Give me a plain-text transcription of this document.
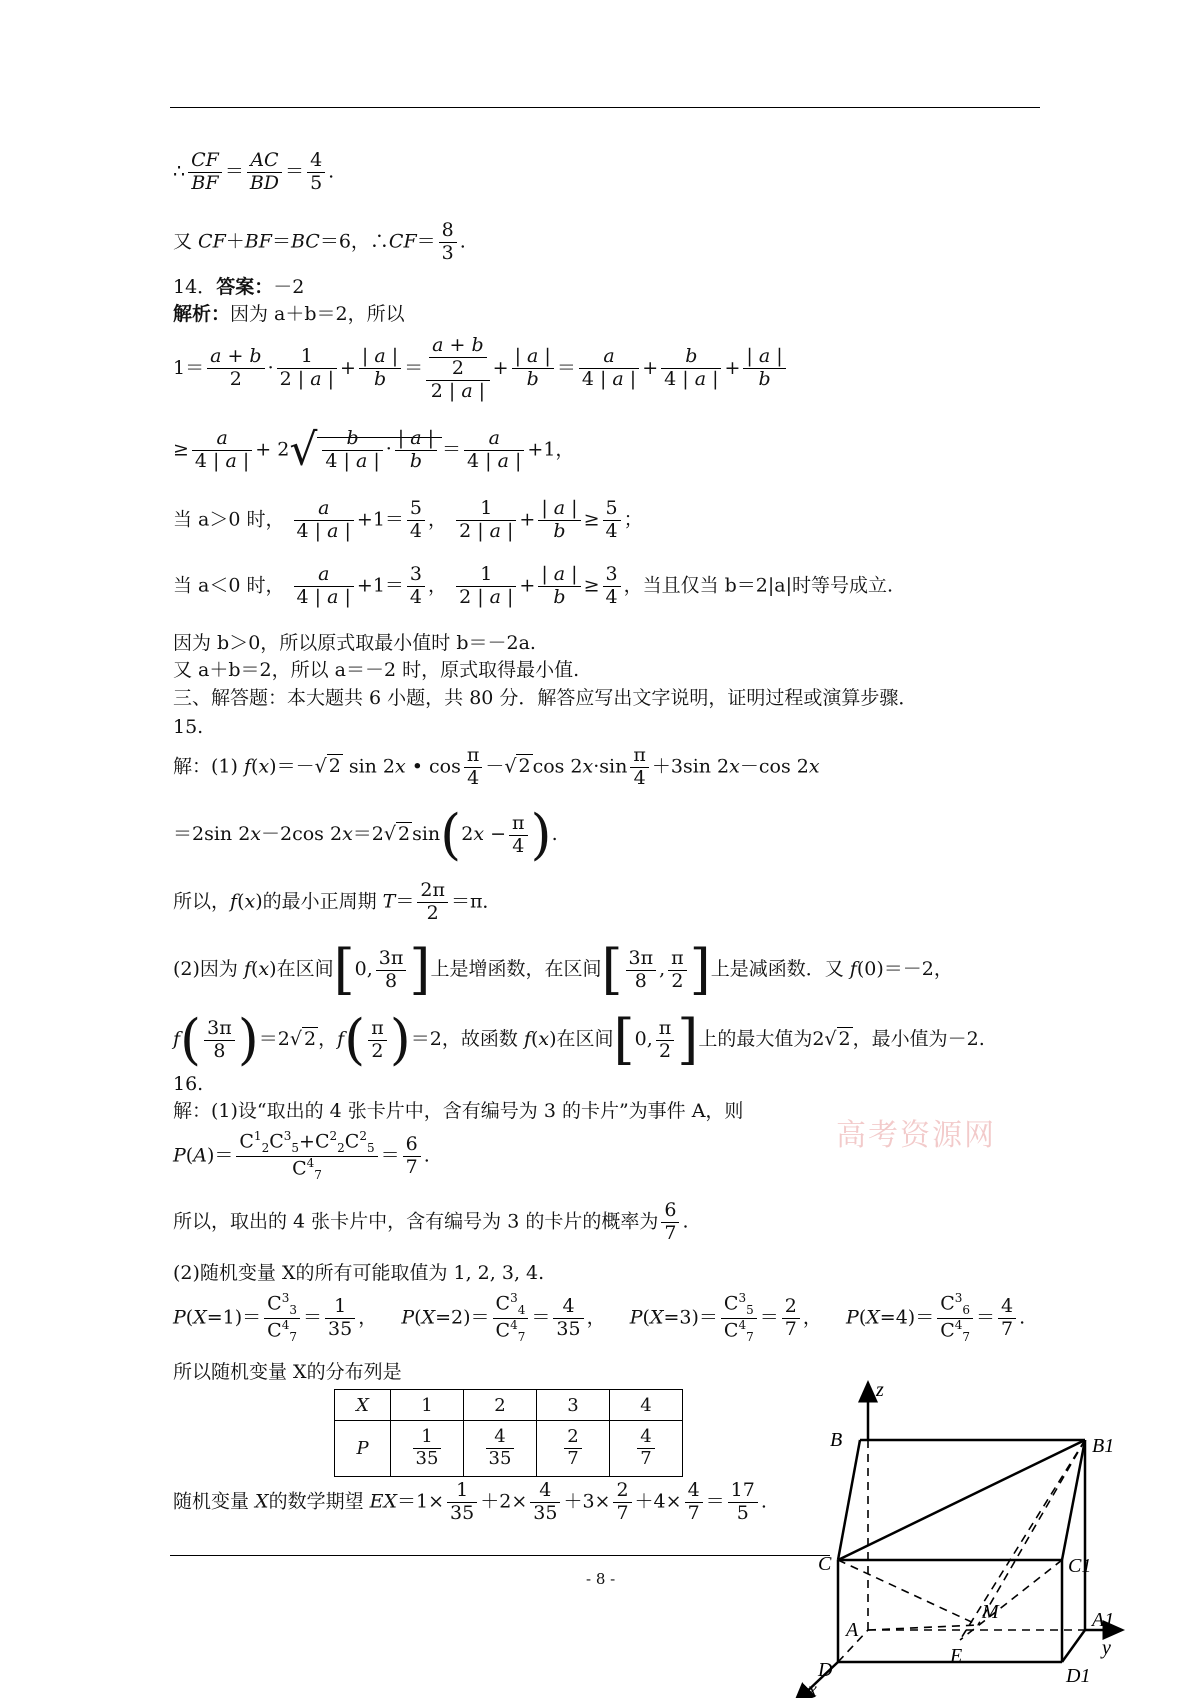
∴ $\frac{CF}{BF} = \frac{AC}{BD} = \frac{4}{5}$ .
又 CF＋BF＝BC＝6，∴CF＝ $\frac{8}{3}$ .
14．答案：－2
解析：因为 a＋b＝2，所以
$1= \frac{a + b}{2} \cdot \frac{1}{2 | a |} + \frac{| a |}{b} = \frac{\frac{a + b}{2}}{2 | a |} + \frac{| a |}{b} = \frac{a}{4 | a |} + \frac{b}{4 | a |} + \frac{| a |}{b}$
≥ $\frac{a}{4 | a |} + 2√ \frac{b}{4 | a |} \cdot \frac{| a |}{b} = \frac{a}{4 | a |} +1$，
当 a＞0 时， $\frac{a}{4 | a |} +1= \frac{5}{4}$ ， $\frac{1}{2 | a |} + \frac{| a |}{b} \ge \frac{5}{4}$ ；
当 a＜0 时， $\frac{a}{4 | a |} +1= \frac{3}{4}$ ， $\frac{1}{2 | a |} + \frac{| a |}{b} \ge \frac{3}{4}$ ，当且仅当 b＝2|a|时等号成立.
因为 b＞0，所以原式取最小值时 b＝－2a.
又 a＋b＝2，所以 a＝－2 时，原式取得最小值.
三、解答题：本大题共 6 小题，共 80 分．解答应写出文字说明，证明过程或演算步骤．
15.
解：(1) f(x)＝－√ 2 sin 2x • $\cos \frac{\pi}{4}$ －√ 2 $\cos 2x\cdot\sin \frac{\pi}{4} +3\sin$ 2x－cos 2x
＝2sin 2x－2cos 2x＝2√ 2 $\sin(2x - \frac{\pi}{4}$ ).
所以，f(x)的最小正周期 $T= \frac{2\pi}{2} =\pi$．
(2)因为 f(x)在区间[0, $\frac{3\pi}{8}$ ]上是增函数，在区间[ $\frac{3\pi}{8}$ , $\frac{\pi}{2}$ ]上是减函数．又 f(0)＝－2，
$f( \frac{3\pi}{8} )=2√$ 2 ，$f( \frac{\pi}{2} )=2$，故函数 f(x)在区间[0, $\frac{\pi}{2}$ ]上的最大值为2√ 2 ，最小值为－2.
16.
解：(1)设“取出的 4 张卡片中，含有编号为 3 的卡片”为事件 A，则
高考资源网
$P(A)= \frac{C^1_2C^3_5+C^2_2C^2_5}{C^4_7} = \frac{6}{7}$ .
所以，取出的 4 张卡片中，含有编号为 3 的卡片的概率为 $\frac{6}{7}$ .
(2)随机变量 X的所有可能取值为 1, 2, 3, 4.
$P(X=1)= \frac{C^3_3}{C^4_7} = \frac{1}{35}$ ，    $P(X=2)= \frac{C^3_4}{C^4_7} = \frac{4}{35}$ ，    $P(X=3)= \frac{C^3_5}{C^4_7} = \frac{2}{7}$ ，    $P(X=4)= \frac{C^3_6}{C^4_7} = \frac{4}{7}$ .
所以随机变量 X的分布列是
X	1	2	3	4
P	$\frac{1}{35}$	$\frac{4}{35}$	$\frac{2}{7}$	$\frac{4}{7}$
随机变量 X的数学期望 $EX=1\times \frac{1}{35} +2\times \frac{4}{35} +3\times \frac{2}{7} +4\times \frac{4}{7} = \frac{17}{5}$ .
- 8 -
z
B	B1
C	C1
A
M	A1
E
D	D1
x
y
